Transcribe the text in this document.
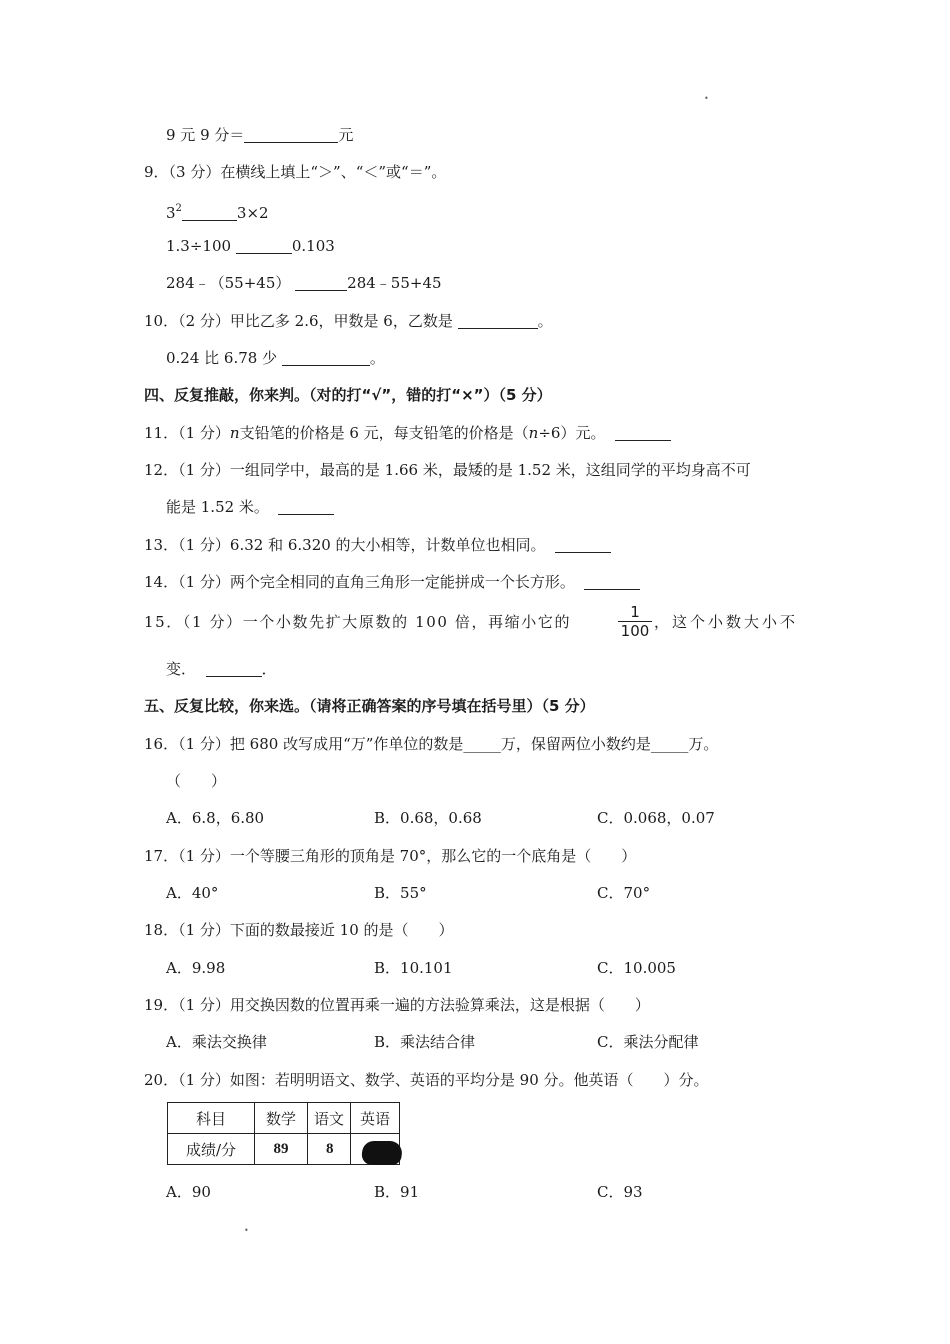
•
9 元 9 分＝	元
9．（3 分）在横线上填上“＞”、“＜”或“＝”。
$3^2$	3×2
1.3÷100	0.103
284﹣（55+45）	284﹣55+45
10．（2 分）甲比乙多 2.6，甲数是 6，乙数是	。
0.24 比 6.78 少	。
四、反复推敲，你来判。（对的打“√”，错的打“×”）（5 分）
11．（1 分）n支铅笔的价格是 6 元，每支铅笔的价格是（n÷6）元。
12．（1 分）一组同学中，最高的是 1.66 米，最矮的是 1.52 米，这组同学的平均身高不可
能是 1.52 米。
13．（1 分）6.32 和 6.320 的大小相等，计数单位也相同。
14．（1 分）两个完全相同的直角三角形一定能拼成一个长方形。
15．（1 分）一个小数先扩大原数的 100 倍，再缩小它的
1
100 ，这个小数大小不
变．	．
五、反复比较，你来选。（请将正确答案的序号填在括号里）（5 分）
16．（1 分）把 680 改写成用“万”作单位的数是_____万，保留两位小数约是_____万。
（　　）
A．6.8，6.80	B．0.68，0.68	C．0.068，0.07
17．（1 分）一个等腰三角形的顶角是 70°，那么它的一个底角是（　　）
A．40°	B．55°	C．70°
18．（1 分）下面的数最接近 10 的是（　　）
A．9.98	B．10.101	C．10.005
19．（1 分）用交换因数的位置再乘一遍的方法验算乘法，这是根据（　　）
A．乘法交换律	B．乘法结合律	C．乘法分配律
20．（1 分）如图：若明明语文、数学、英语的平均分是 90 分。他英语（　　）分。
科目	数学	语文	英语
成绩/分	89	8	
A．90	B．91	C．93
•
